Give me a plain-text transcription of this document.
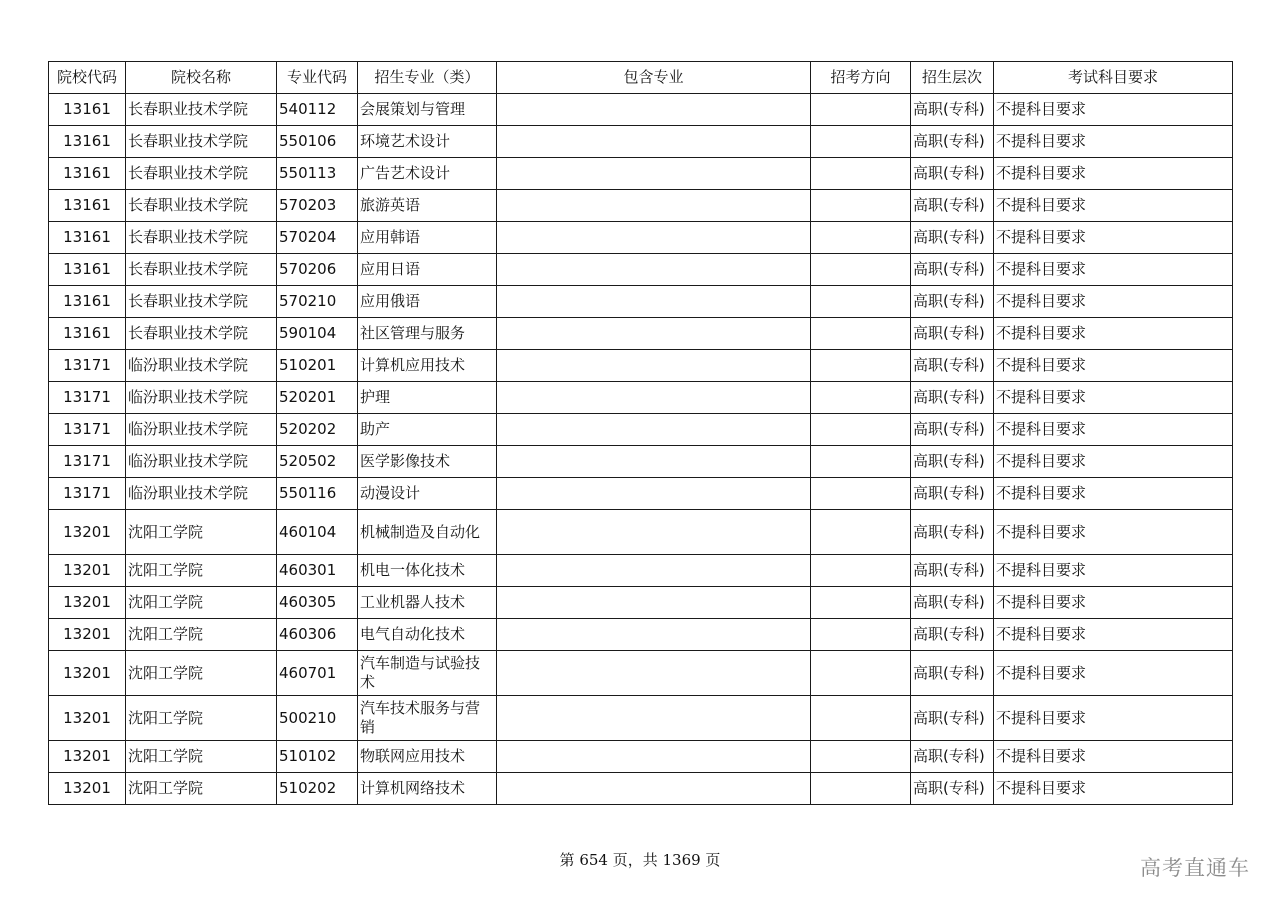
院校代码	院校名称	专业代码	招生专业（类）	包含专业	招考方向	招生层次	考试科目要求
13161	长春职业技术学院	540112	会展策划与管理			高职(专科)	不提科目要求
13161	长春职业技术学院	550106	环境艺术设计			高职(专科)	不提科目要求
13161	长春职业技术学院	550113	广告艺术设计			高职(专科)	不提科目要求
13161	长春职业技术学院	570203	旅游英语			高职(专科)	不提科目要求
13161	长春职业技术学院	570204	应用韩语			高职(专科)	不提科目要求
13161	长春职业技术学院	570206	应用日语			高职(专科)	不提科目要求
13161	长春职业技术学院	570210	应用俄语			高职(专科)	不提科目要求
13161	长春职业技术学院	590104	社区管理与服务			高职(专科)	不提科目要求
13171	临汾职业技术学院	510201	计算机应用技术			高职(专科)	不提科目要求
13171	临汾职业技术学院	520201	护理			高职(专科)	不提科目要求
13171	临汾职业技术学院	520202	助产			高职(专科)	不提科目要求
13171	临汾职业技术学院	520502	医学影像技术			高职(专科)	不提科目要求
13171	临汾职业技术学院	550116	动漫设计			高职(专科)	不提科目要求
13201	沈阳工学院	460104	机械制造及自动化			高职(专科)	不提科目要求
13201	沈阳工学院	460301	机电一体化技术			高职(专科)	不提科目要求
13201	沈阳工学院	460305	工业机器人技术			高职(专科)	不提科目要求
13201	沈阳工学院	460306	电气自动化技术			高职(专科)	不提科目要求
13201	沈阳工学院	460701	汽车制造与试验技术			高职(专科)	不提科目要求
13201	沈阳工学院	500210	汽车技术服务与营销			高职(专科)	不提科目要求
13201	沈阳工学院	510102	物联网应用技术			高职(专科)	不提科目要求
13201	沈阳工学院	510202	计算机网络技术			高职(专科)	不提科目要求
第 654 页，共 1369 页	高考直通车
